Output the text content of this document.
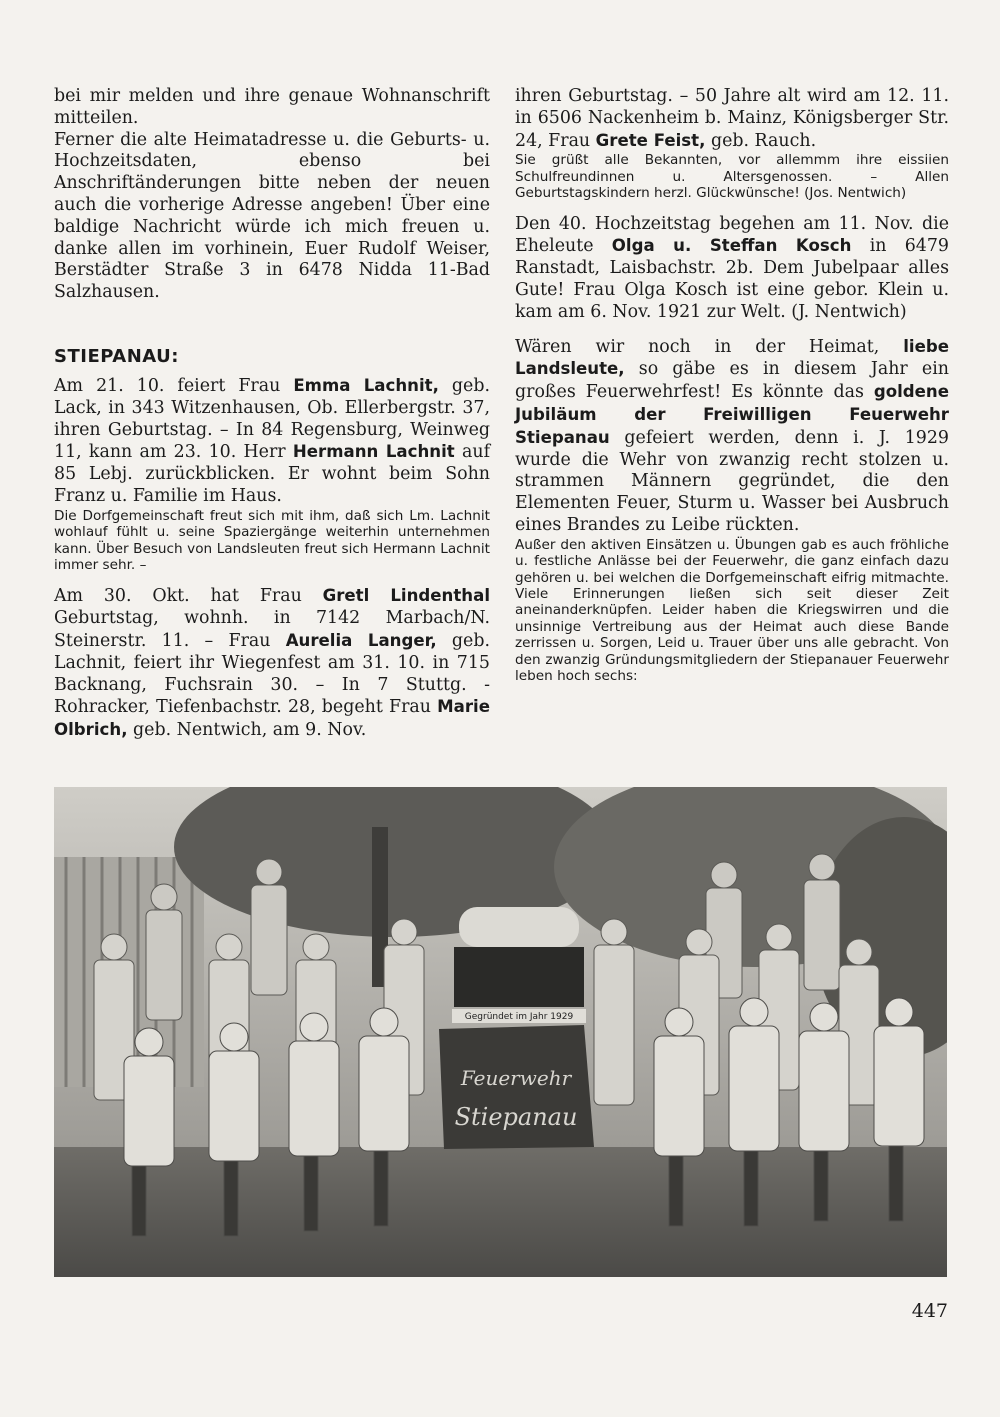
bei mir melden und ihre genaue Wohnanschrift mitteilen.

Ferner die alte Heimatadresse u. die Geburts- u. Hochzeitsdaten, ebenso bei Anschriftänderungen bitte neben der neuen auch die vorherige Adresse angeben! Über eine baldige Nachricht würde ich mich freuen u. danke allen im vorhinein, Euer Rudolf Weiser, Berstädter Straße 3 in 6478 Nidda 11-Bad Salzhausen.

STIEPANAU:

Am 21. 10. feiert Frau Emma Lachnit, geb. Lack, in 343 Witzenhausen, Ob. Ellerbergstr. 37, ihren Geburtstag. – In 84 Regensburg, Weinweg 11, kann am 23. 10. Herr Hermann Lachnit auf 85 Lebj. zurückblicken. Er wohnt beim Sohn Franz u. Familie im Haus.

Die Dorfgemeinschaft freut sich mit ihm, daß sich Lm. Lachnit wohlauf fühlt u. seine Spaziergänge weiterhin unternehmen kann. Über Besuch von Landsleuten freut sich Hermann Lachnit immer sehr. –

Am 30. Okt. hat Frau Gretl Lindenthal Geburtstag, wohnh. in 7142 Marbach/N. Steinerstr. 11. – Frau Aurelia Langer, geb. Lachnit, feiert ihr Wiegenfest am 31. 10. in 715 Backnang, Fuchsrain 30. – In 7 Stuttg. -Rohracker, Tiefenbachstr. 28, begeht Frau Marie Olbrich, geb. Nentwich, am 9. Nov.

ihren Geburtstag. – 50 Jahre alt wird am 12. 11. in 6506 Nackenheim b. Mainz, Königsberger Str. 24, Frau Grete Feist, geb. Rauch.

Sie grüßt alle Bekannten, vor allemmm ihre eissiien Schulfreundinnen u. Altersgenossen. – Allen Geburtstagskindern herzl. Glückwünsche! (Jos. Nentwich)

Den 40. Hochzeitstag begehen am 11. Nov. die Eheleute Olga u. Steffan Kosch in 6479 Ranstadt, Laisbachstr. 2b. Dem Jubelpaar alles Gute! Frau Olga Kosch ist eine gebor. Klein u. kam am 6. Nov. 1921 zur Welt. (J. Nentwich)

Wären wir noch in der Heimat, liebe Landsleute, so gäbe es in diesem Jahr ein großes Feuerwehrfest! Es könnte das goldene Jubiläum der Freiwilligen Feuerwehr Stiepanau gefeiert werden, denn i. J. 1929 wurde die Wehr von zwanzig recht stolzen u. strammen Männern gegründet, die den Elementen Feuer, Sturm u. Wasser bei Ausbruch eines Brandes zu Leibe rückten.

Außer den aktiven Einsätzen u. Übungen gab es auch fröhliche u. festliche Anlässe bei der Feuerwehr, die ganz einfach dazu gehören u. bei welchen die Dorfgemeinschaft eifrig mitmachte. Viele Erinnerungen ließen sich seit dieser Zeit aneinanderknüpfen. Leider haben die Kriegswirren und die unsinnige Vertreibung aus der Heimat auch diese Bande zerrissen u. Sorgen, Leid u. Trauer über uns alle gebracht. Von den zwanzig Gründungsmitgliedern der Stiepanauer Feuerwehr leben hoch sechs:

Gegründet im Jahr 1929
Feuerwehr
Stiepanau
447
